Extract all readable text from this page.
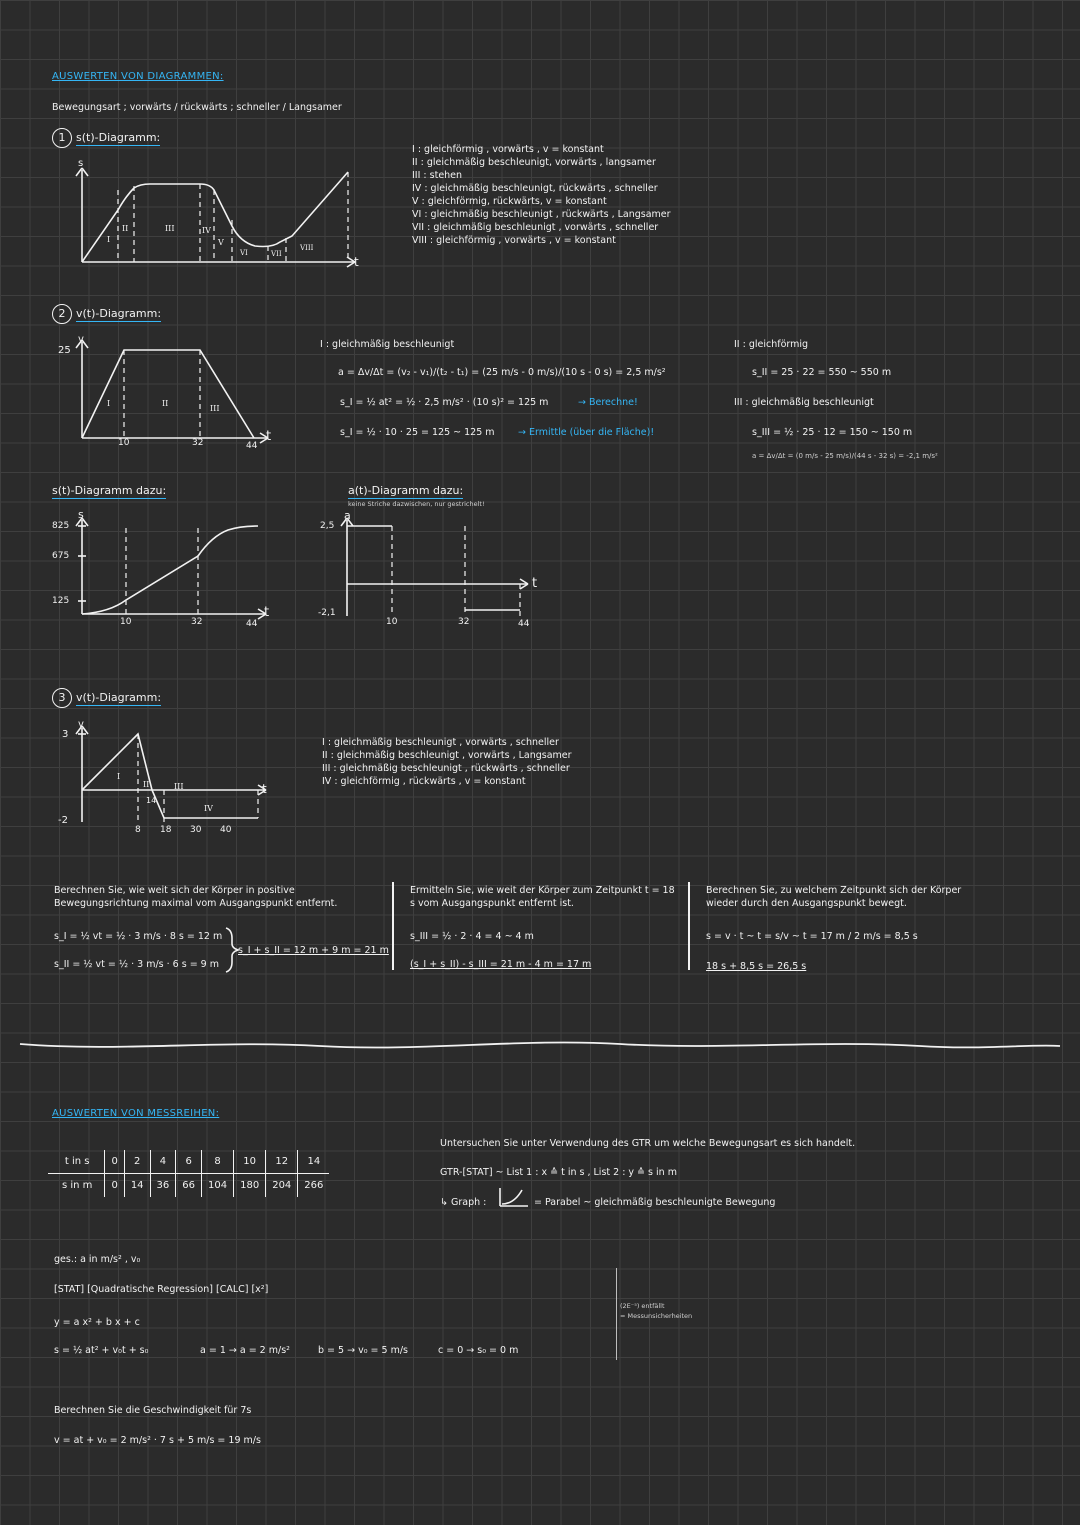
AUSWERTEN VON DIAGRAMMEN:
Bewegungsart ; vorwärts / rückwärts ; schneller / Langsamer
1 s(t)-Diagramm:
s
t
I
II	III	IV
V
VI	VII
VIII
I : gleichförmig , vorwärts , v = konstant
II : gleichmäßig beschleunigt, vorwärts , langsamer
III : stehen
IV : gleichmäßig beschleunigt, rückwärts , schneller
V : gleichförmig, rückwärts, v = konstant
VI : gleichmäßig beschleunigt , rückwärts , Langsamer
VII : gleichmäßig beschleunigt , vorwärts , schneller
VIII : gleichförmig , vorwärts , v = konstant
2 v(t)-Diagramm:
25
v
t
10	32	44
I	II
III
I : gleichmäßig beschleunigt
a = Δv/Δt = (v₂ - v₁)/(t₂ - t₁) = (25 m/s - 0 m/s)/(10 s - 0 s) = 2,5 m/s²
s_I = ½ at² = ½ · 2,5 m/s² · (10 s)² = 125 m	→ Berechne!
s_I = ½ · 10 · 25 = 125 ~ 125 m → Ermittle (über die Fläche)!
II : gleichförmig
s_II = 25 · 22 = 550 ~ 550 m
III : gleichmäßig beschleunigt
s_III = ½ · 25 · 12 = 150 ~ 150 m
a = Δv/Δt = (0 m/s - 25 m/s)/(44 s - 32 s) = -2,1 m/s²
s(t)-Diagramm dazu:
s
t
825
675
125
10	32	44
a(t)-Diagramm dazu:
keine Striche dazwischen, nur gestrichelt!
a
t
2,5
-2,1
10	32	44
3 v(t)-Diagramm:
3
v
-2
t
8
14
18 30 40
I
II	III
IV
I : gleichmäßig beschleunigt , vorwärts , schneller
II : gleichmäßig beschleunigt , vorwärts , Langsamer
III : gleichmäßig beschleunigt , rückwärts , schneller
IV : gleichförmig , rückwärts , v = konstant
Berechnen Sie, wie weit sich der Körper in positive Bewegungsrichtung maximal vom Ausgangspunkt entfernt.
s_I = ½ vt = ½ · 3 m/s · 8 s = 12 m
s_II = ½ vt = ½ · 3 m/s · 6 s = 9 m
s_I + s_II = 12 m + 9 m = 21 m
Ermitteln Sie, wie weit der Körper zum Zeitpunkt t = 18 s vom Ausgangspunkt entfernt ist.
s_III = ½ · 2 · 4 = 4 ~ 4 m
(s_I + s_II) - s_III = 21 m - 4 m = 17 m
Berechnen Sie, zu welchem Zeitpunkt sich der Körper wieder durch den Ausgangspunkt bewegt.
s = v · t ~ t = s/v ~ t = 17 m / 2 m/s = 8,5 s
18 s + 8,5 s = 26,5 s
AUSWERTEN VON MESSREIHEN:
t in s	0	2	4	6	8	10	12	14
s in m	0	14	36	66	104	180	204	266
Untersuchen Sie unter Verwendung des GTR um welche Bewegungsart es sich handelt.
GTR-[STAT] ~ List 1 : x ≙ t in s , List 2 : y ≙ s in m
↳ Graph :	= Parabel ~ gleichmäßig beschleunigte Bewegung
ges.: a in m/s² , v₀
[STAT] [Quadratische Regression] [CALC] [x²]
y = a x² + b x + c
s = ½ at² + v₀t + s₀	a = 1 → a = 2 m/s²	b = 5 → v₀ = 5 m/s	c = 0 → s₀ = 0 m
(2E⁻⁵) entfällt
= Messunsicherheiten
Berechnen Sie die Geschwindigkeit für 7s
v = at + v₀ = 2 m/s² · 7 s + 5 m/s = 19 m/s
